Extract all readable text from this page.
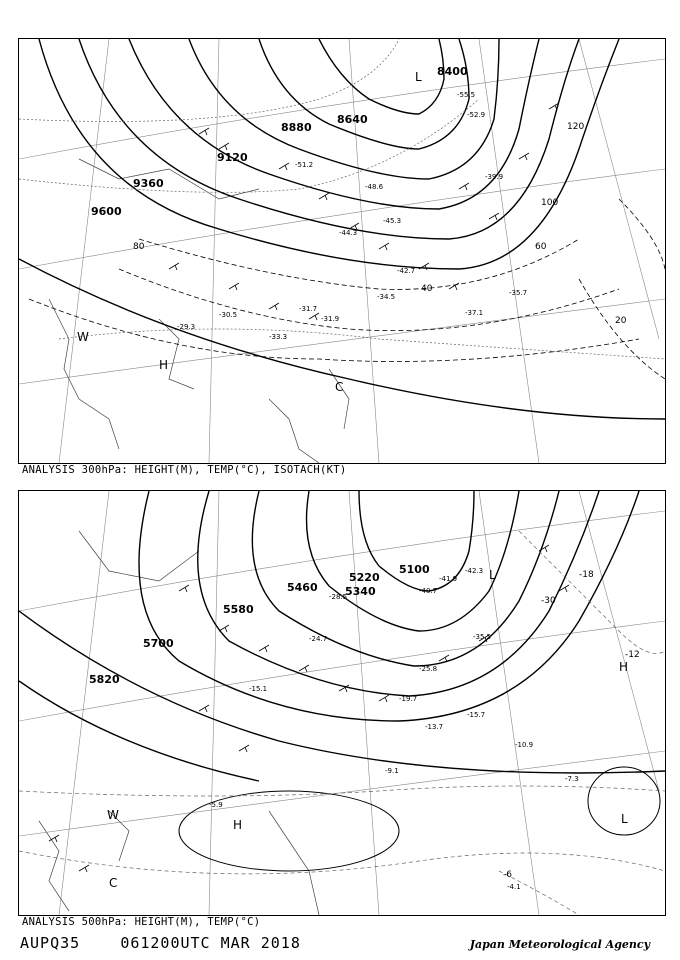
8400
8640
8880
9120
9360
9600
120
100
80	60
40
20
L
H
W
C
-55.5
-52.9
-51.2
-48.6
-45.3
-44.3
-42.7
-39.9
-37.1
-35.7
-34.5
-31.9
-30.5
-29.3
-31.7
-33.3
ANALYSIS 300hPa: HEIGHT(M), TEMP(°C), ISOTACH(KT)
5100
5220
5340
5460
5580
5700
5820
-12
-18
-30
-6
L
H
L
H
C
W
-42.3
-41.9
-40.7
-35.5
-25.8
-19.7
-15.7
-13.7
-10.9
-9.1
-7.3
-5.9
-4.1
-15.1
-24.7
-28.5
ANALYSIS 500hPa: HEIGHT(M), TEMP(°C)
AUPQ35	061200UTC MAR 2018	Japan Meteorological Agency
